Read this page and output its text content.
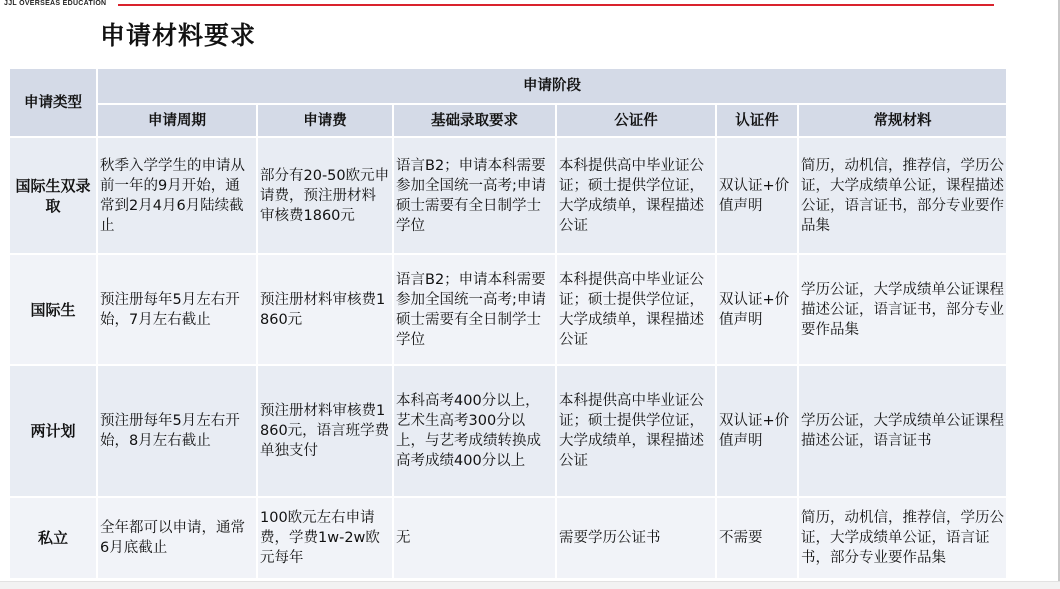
JJL OVERSEAS EDUCATION
申请材料要求
申请类型	申请阶段					
	申请周期	申请费	基础录取要求	公证件	认证件	常规材料
国际生双录取	秋季入学学生的申请从前一年的9月开始，通常到2月4月6月陆续截止	部分有20-50欧元申请费，预注册材料审核费1860元	语言B2；申请本科需要参加全国统一高考;申请硕士需要有全日制学士学位	本科提供高中毕业证公证；硕士提供学位证，大学成绩单，课程描述公证	双认证+价值声明	简历，动机信，推荐信，学历公证，大学成绩单公证，课程描述公证，语言证书，部分专业要作品集
国际生	预注册每年5月左右开始，7月左右截止	预注册材料审核费1860元	语言B2；申请本科需要参加全国统一高考;申请硕士需要有全日制学士学位	本科提供高中毕业证公证；硕士提供学位证，大学成绩单，课程描述公证	双认证+价值声明	学历公证，大学成绩单公证课程描述公证，语言证书，部分专业要作品集
两计划	预注册每年5月左右开始，8月左右截止	预注册材料审核费1860元，语言班学费单独支付	本科高考400分以上，艺术生高考300分以上，与艺考成绩转换成高考成绩400分以上	本科提供高中毕业证公证；硕士提供学位证，大学成绩单，课程描述公证	双认证+价值声明	学历公证，大学成绩单公证课程描述公证，语言证书
私立	全年都可以申请，通常6月底截止	100欧元左右申请费，学费1w-2w欧元每年	无	需要学历公证书	不需要	简历，动机信，推荐信，学历公证，大学成绩单公证，语言证书，部分专业要作品集
